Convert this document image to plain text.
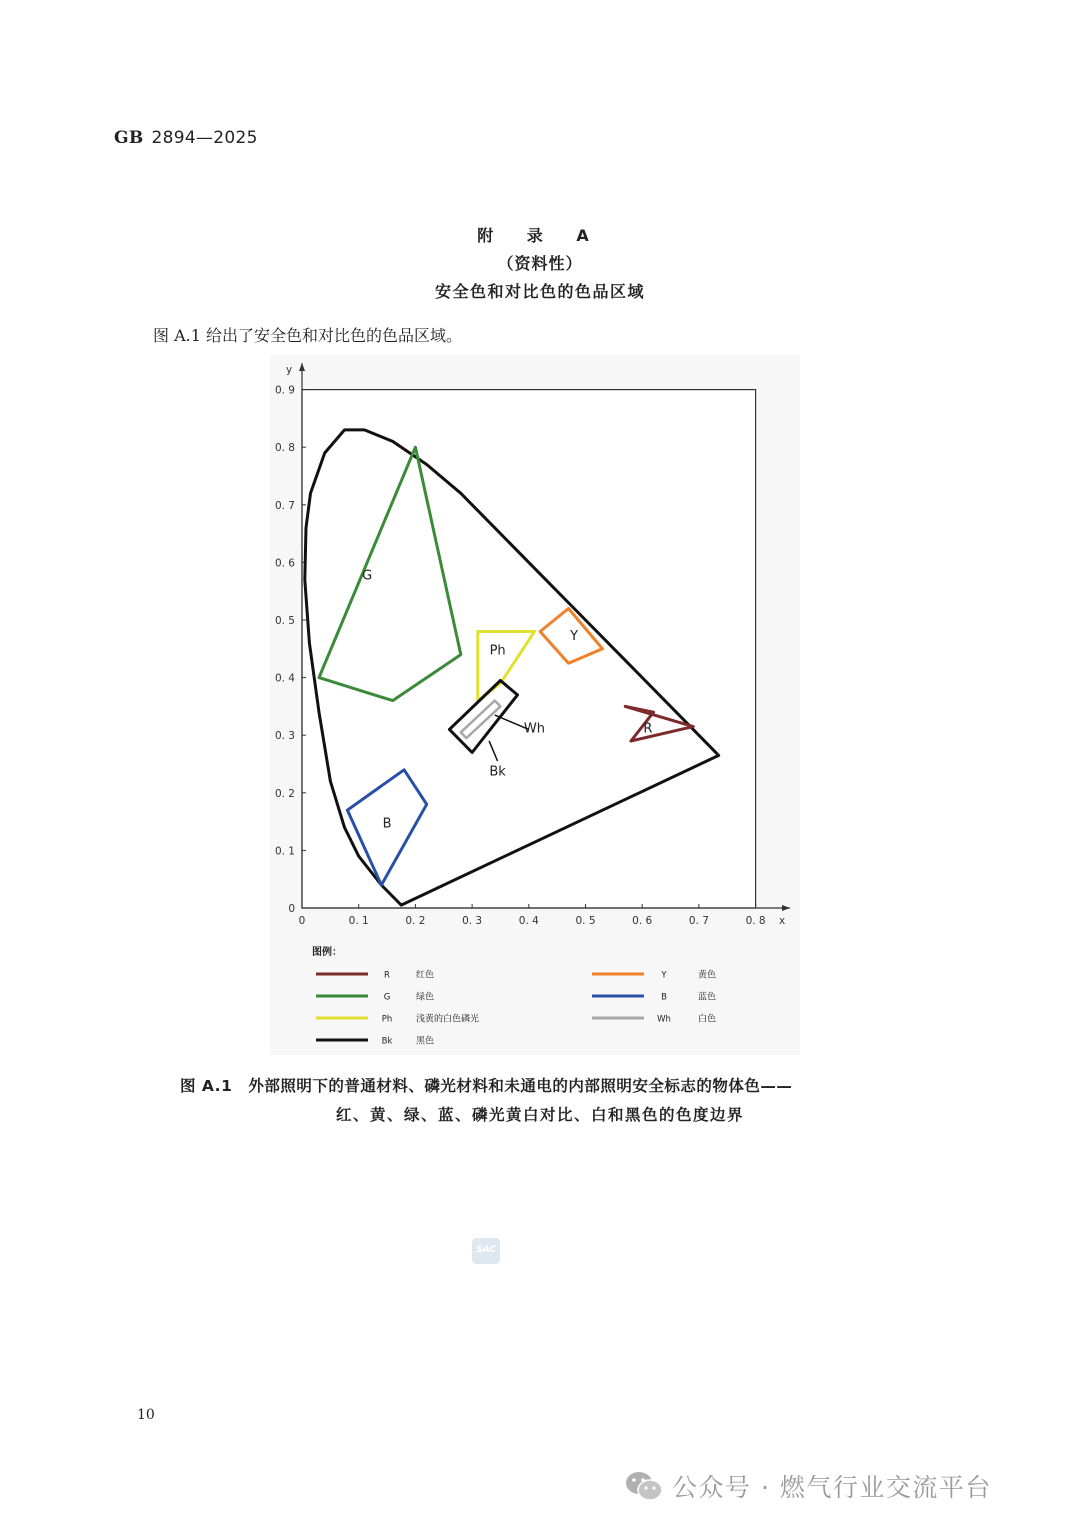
GB 2894—2025
附 录 A
（资料性）
安全色和对比色的色品区域
图 A.1 给出了安全色和对比色的色品区域。
0	0. 1	0. 2	0. 3	0. 4	0. 5	0. 6	0. 7	0. 8
0
0. 1
0. 2
0. 3
0. 4
0. 5
0. 6
0. 7
0. 8
0. 9
x
y
G
Ph
Y
Wh
Bk
R
B
图例：
R	红色
G	绿色
Ph	浅黄的白色磷光
Bk	黑色
Y	黄色
B	蓝色
Wh	白色
图 A.1　外部照明下的普通材料、磷光材料和未通电的内部照明安全标志的物体色——
红、黄、绿、蓝、磷光黄白对比、白和黑色的色度边界
SAC
10
公众号 · 燃气行业交流平台
